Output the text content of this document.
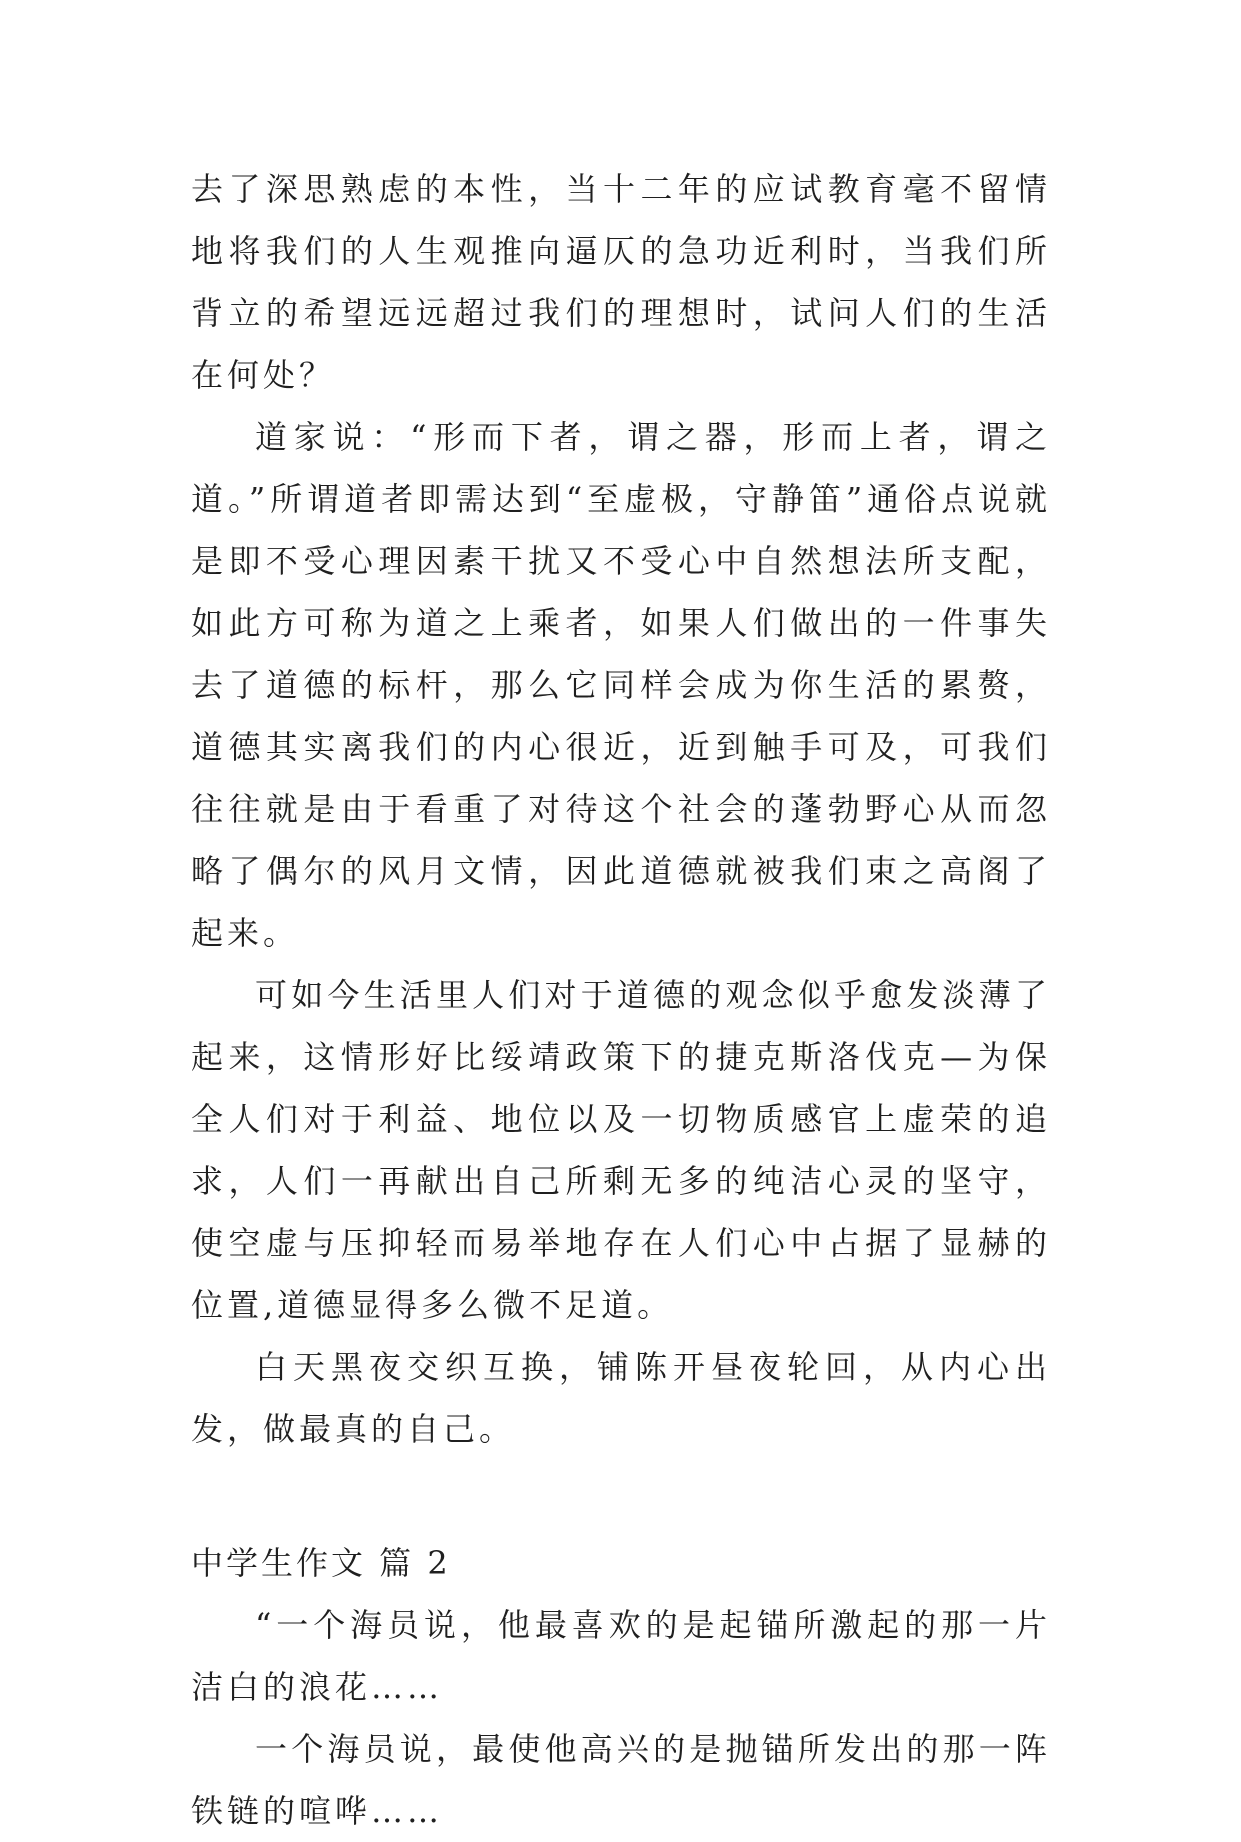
去了深思熟虑的本性，当十二年的应试教育毫不留情地将我们的人生观推向逼仄的急功近利时，当我们所背立的希望远远超过我们的理想时，试问人们的生活在何处？

道家说：“形而下者，谓之器，形而上者，谓之道。”所谓道者即需达到“至虚极，守静笛”通俗点说就是即不受心理因素干扰又不受心中自然想法所支配，如此方可称为道之上乘者，如果人们做出的一件事失去了道德的标杆，那么它同样会成为你生活的累赘，道德其实离我们的内心很近，近到触手可及，可我们往往就是由于看重了对待这个社会的蓬勃野心从而忽略了偶尔的风月文情，因此道德就被我们束之高阁了起来。

可如今生活里人们对于道德的观念似乎愈发淡薄了起来，这情形好比绥靖政策下的捷克斯洛伐克—为保全人们对于利益、地位以及一切物质感官上虚荣的追求，人们一再献出自己所剩无多的纯洁心灵的坚守，使空虚与压抑轻而易举地存在人们心中占据了显赫的位置,道德显得多么微不足道。

白天黑夜交织互换，铺陈开昼夜轮回，从内心出发，做最真的自己。

中学生作文 篇 2

“一个海员说，他最喜欢的是起锚所激起的那一片洁白的浪花……

一个海员说，最使他高兴的是抛锚所发出的那一阵铁链的喧哗……
